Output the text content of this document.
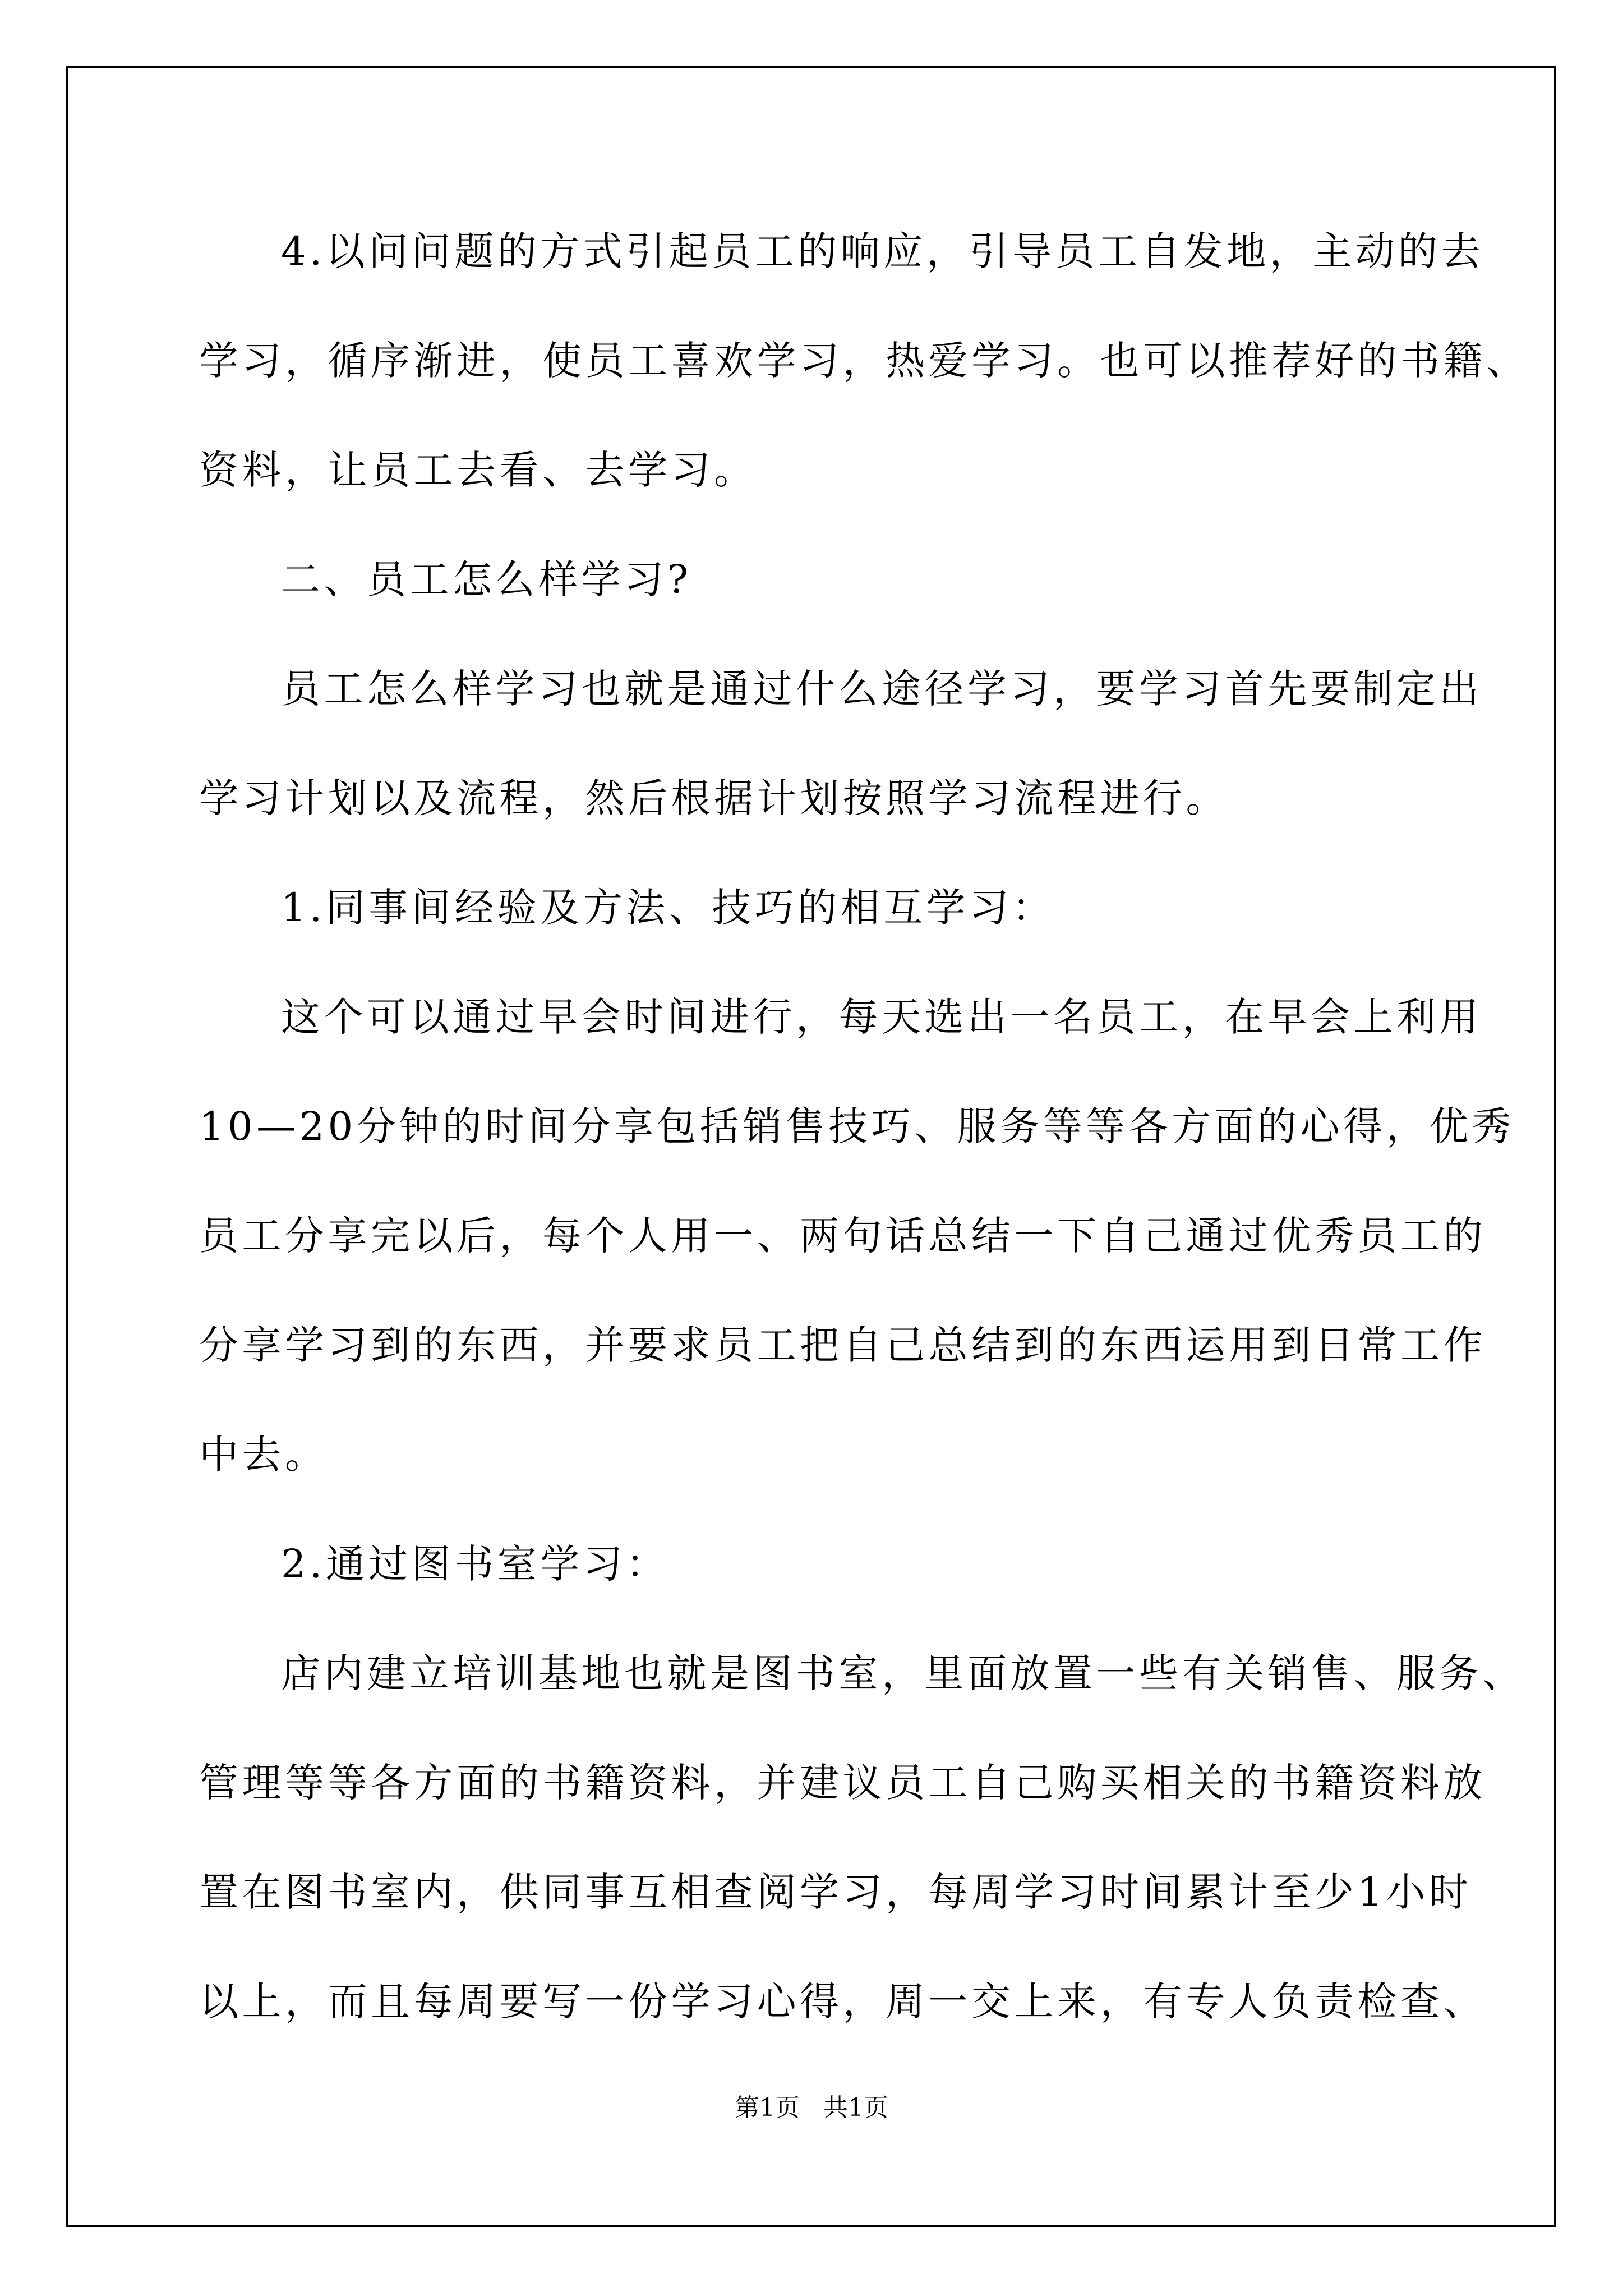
4.以问问题的方式引起员工的响应，引导员工自发地，主动的去
学习，循序渐进，使员工喜欢学习，热爱学习。也可以推荐好的书籍、
资料，让员工去看、去学习。
二、员工怎么样学习?
员工怎么样学习也就是通过什么途径学习，要学习首先要制定出
学习计划以及流程，然后根据计划按照学习流程进行。
1.同事间经验及方法、技巧的相互学习：
这个可以通过早会时间进行，每天选出一名员工，在早会上利用
10—20分钟的时间分享包括销售技巧、服务等等各方面的心得，优秀
员工分享完以后，每个人用一、两句话总结一下自己通过优秀员工的
分享学习到的东西，并要求员工把自己总结到的东西运用到日常工作
中去。
2.通过图书室学习：
店内建立培训基地也就是图书室，里面放置一些有关销售、服务、
管理等等各方面的书籍资料，并建议员工自己购买相关的书籍资料放
置在图书室内，供同事互相查阅学习，每周学习时间累计至少1小时
以上，而且每周要写一份学习心得，周一交上来，有专人负责检查、
第1页   共1页
